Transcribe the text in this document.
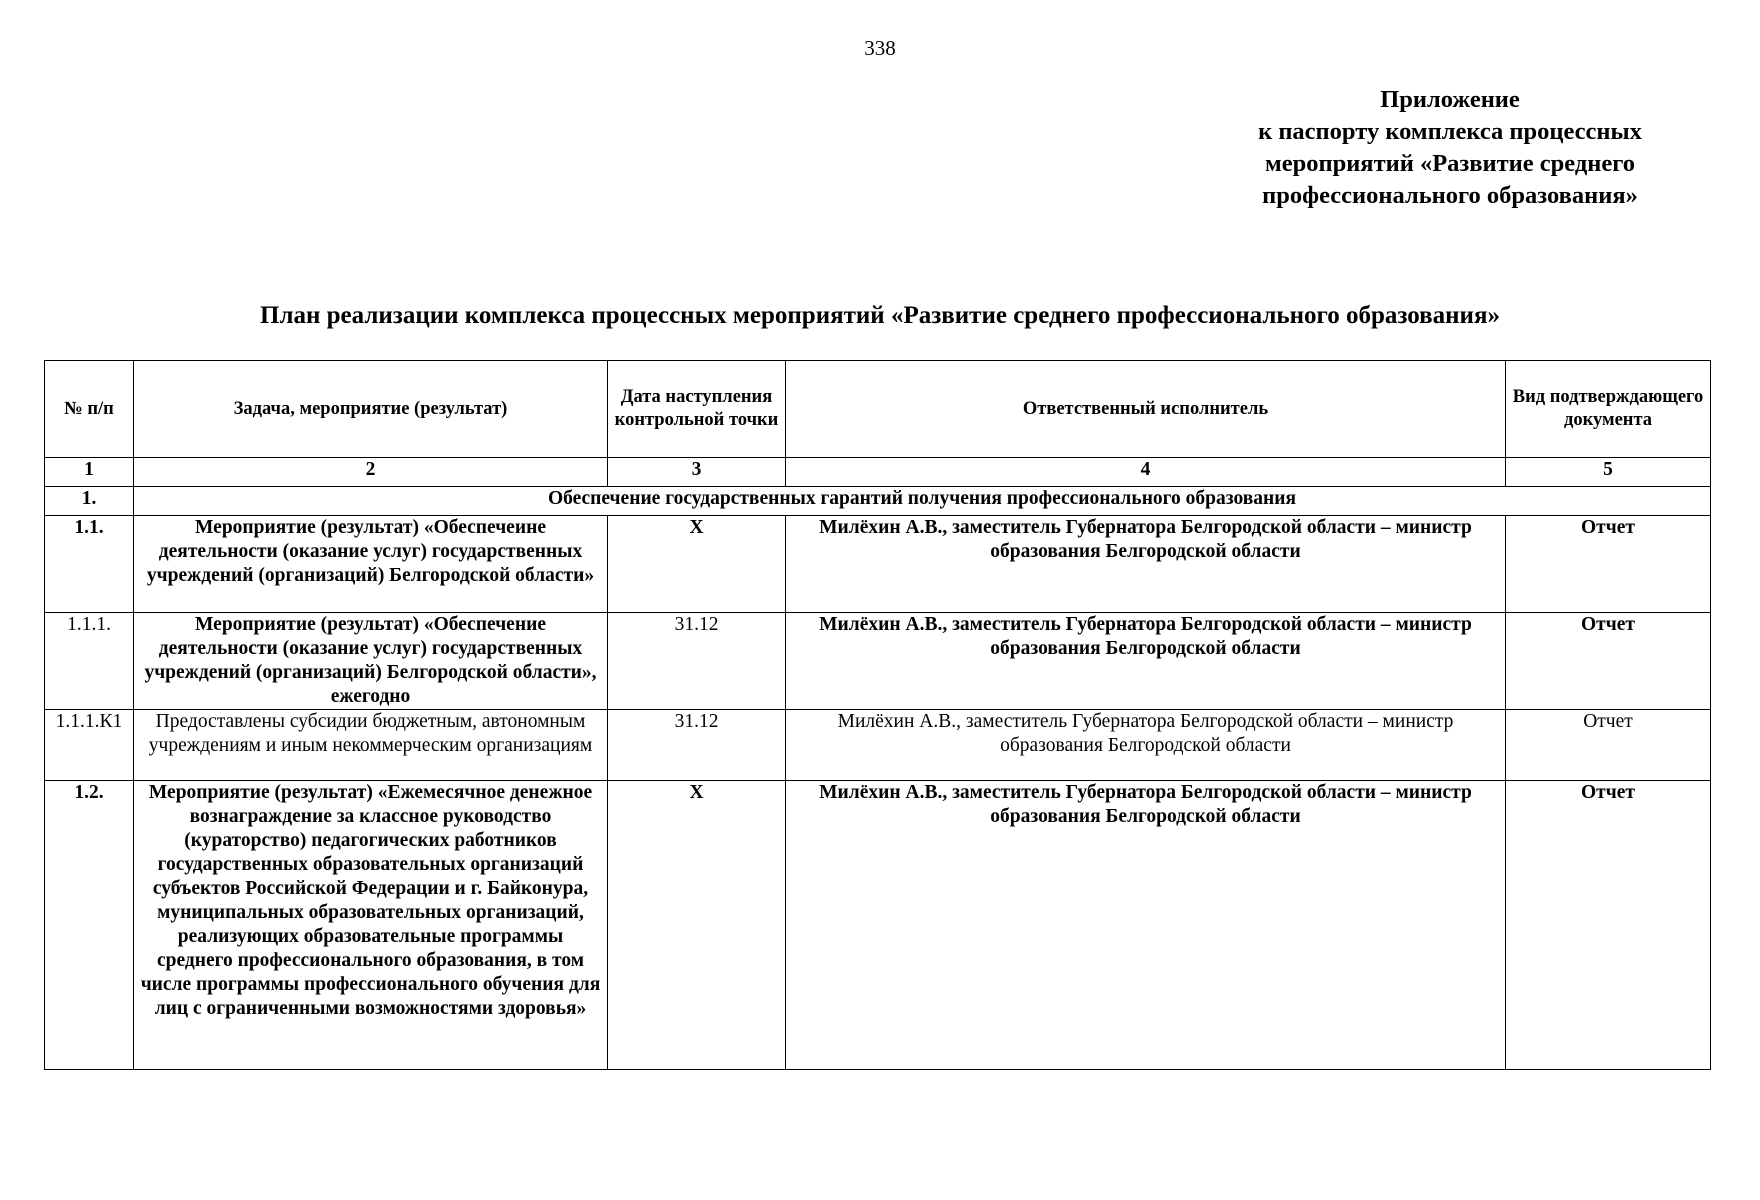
338
Приложение
к паспорту комплекса процессных
мероприятий «Развитие среднего
профессионального образования»
План реализации комплекса процессных мероприятий «Развитие среднего профессионального образования»
№ п/п	Задача, мероприятие (результат)	Дата наступления контрольной точки	Ответственный исполнитель	Вид подтверждающего документа
1	2	3	4	5
1.	Обеспечение государственных гарантий получения профессионального образования			
1.1.	Мероприятие (результат) «Обеспечеине деятельности (оказание услуг) государственных учреждений (организаций) Белгородской области»	X	Милёхин А.В., заместитель Губернатора Белгородской области – министр образования Белгородской области	Отчет
1.1.1.	Мероприятие (результат) «Обеспечение деятельности (оказание услуг) государственных учреждений (организаций) Белгородской области», ежегодно	31.12	Милёхин А.В., заместитель Губернатора Белгородской области – министр образования Белгородской области	Отчет
1.1.1.К1	Предоставлены субсидии бюджетным, автономным учреждениям и иным некоммерческим организациям	31.12	Милёхин А.В., заместитель Губернатора Белгородской области – министр образования Белгородской области	Отчет
1.2.	Мероприятие (результат) «Ежемесячное денежное вознаграждение за классное руководство (кураторство) педагогических работников государственных образовательных организаций субъектов Российской Федерации и г. Байконура, муниципальных образовательных организаций, реализующих образовательные программы среднего профессионального образования, в том числе программы профессионального обучения для лиц с ограниченными возможностями здоровья»	X	Милёхин А.В., заместитель Губернатора Белгородской области – министр образования Белгородской области	Отчет
